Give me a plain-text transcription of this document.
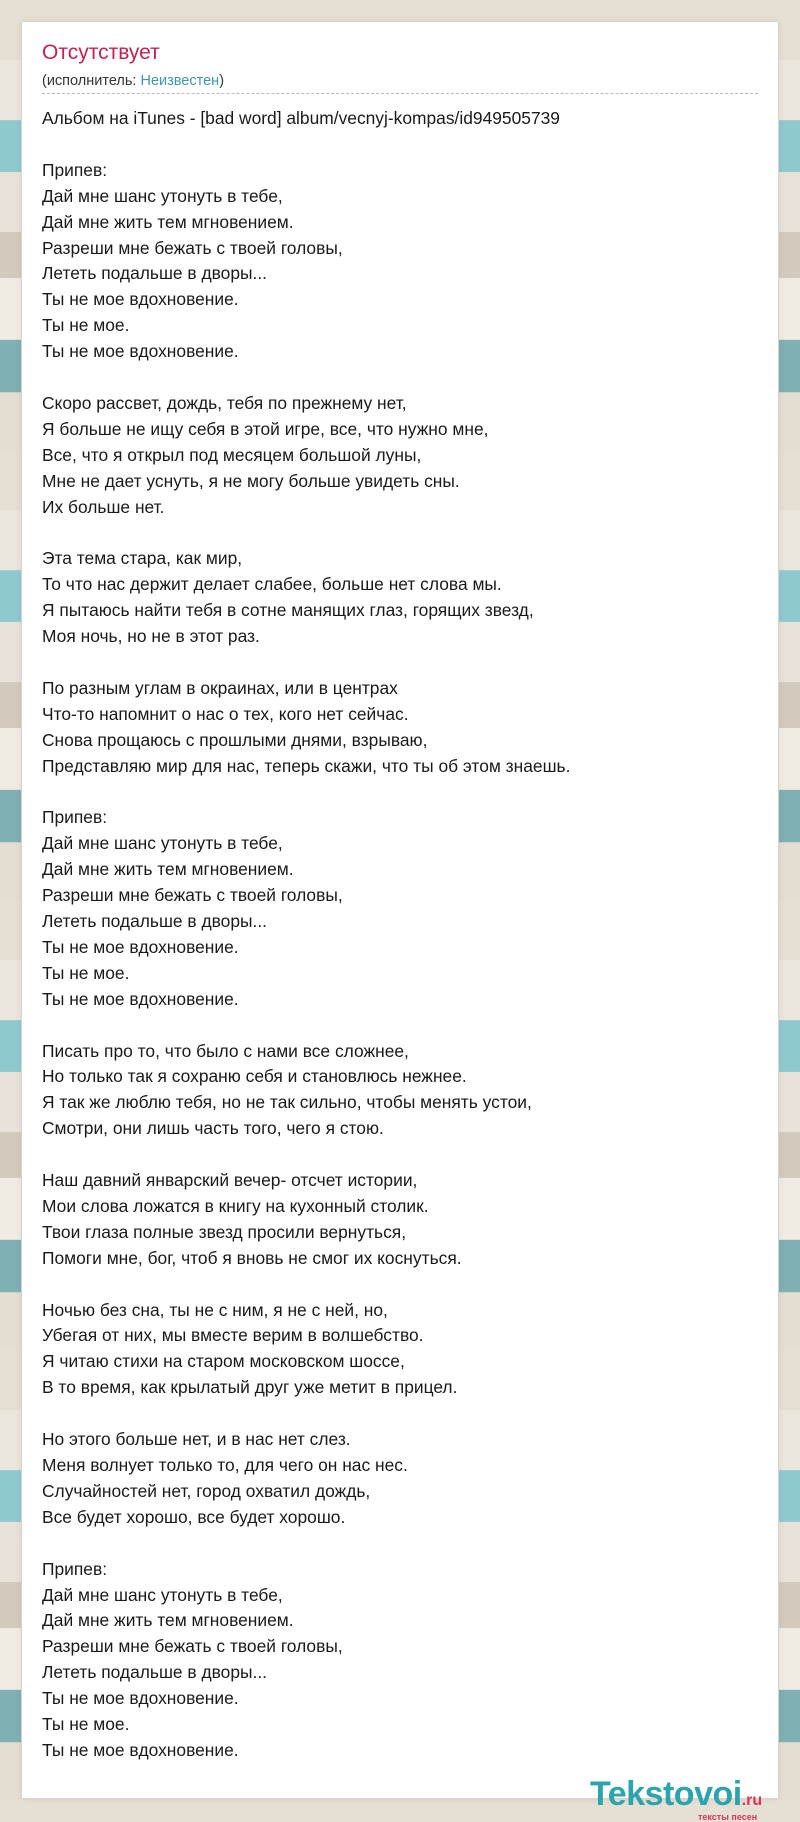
Отсутствует
(исполнитель: Неизвестен)
Альбом на iTunes - [bad word] album/vecnyj-kompas/id949505739
Припев:
Дай мне шанс утонуть в тебе,
Дай мне жить тем мгновением.
Разреши мне бежать с твоей головы,
Лететь подальше в дворы...
Ты не мое вдохновение.
Ты не мое.
Ты не мое вдохновение.
Скоро рассвет, дождь, тебя по прежнему нет,
Я больше не ищу себя в этой игре, все, что нужно мне,
Все, что я открыл под месяцем большой луны,
Мне не дает уснуть, я не могу больше увидеть сны.
Их больше нет.
Эта тема стара, как мир,
То что нас держит делает слабее, больше нет слова мы.
Я пытаюсь найти тебя в сотне манящих глаз, горящих звезд,
Моя ночь, но не в этот раз.
По разным углам в окраинах, или в центрах
Что-то напомнит о нас о тех, кого нет сейчас.
Снова прощаюсь с прошлыми днями, взрываю,
Представляю мир для нас, теперь скажи, что ты об этом знаешь.
Припев:
Дай мне шанс утонуть в тебе,
Дай мне жить тем мгновением.
Разреши мне бежать с твоей головы,
Лететь подальше в дворы...
Ты не мое вдохновение.
Ты не мое.
Ты не мое вдохновение.
Писать про то, что было с нами все сложнее,
Но только так я сохраню себя и становлюсь нежнее.
Я так же люблю тебя, но не так сильно, чтобы менять устои,
Смотри, они лишь часть того, чего я стою.
Наш давний январский вечер- отсчет истории,
Мои слова ложатся в книгу на кухонный столик.
Твои глаза полные звезд просили вернуться,
Помоги мне, бог, чтоб я вновь не смог их коснуться.
Ночью без сна, ты не с ним, я не с ней, но,
Убегая от них, мы вместе верим в волшебство.
Я читаю стихи на старом московском шоссе,
В то время, как крылатый друг уже метит в прицел.
Но этого больше нет, и в нас нет слез.
Меня волнует только то, для чего он нас нес.
Случайностей нет, город охватил дождь,
Все будет хорошо, все будет хорошо.
Припев:
Дай мне шанс утонуть в тебе,
Дай мне жить тем мгновением.
Разреши мне бежать с твоей головы,
Лететь подальше в дворы...
Ты не мое вдохновение.
Ты не мое.
Ты не мое вдохновение.
Tekstovoi.ru
тексты песен
